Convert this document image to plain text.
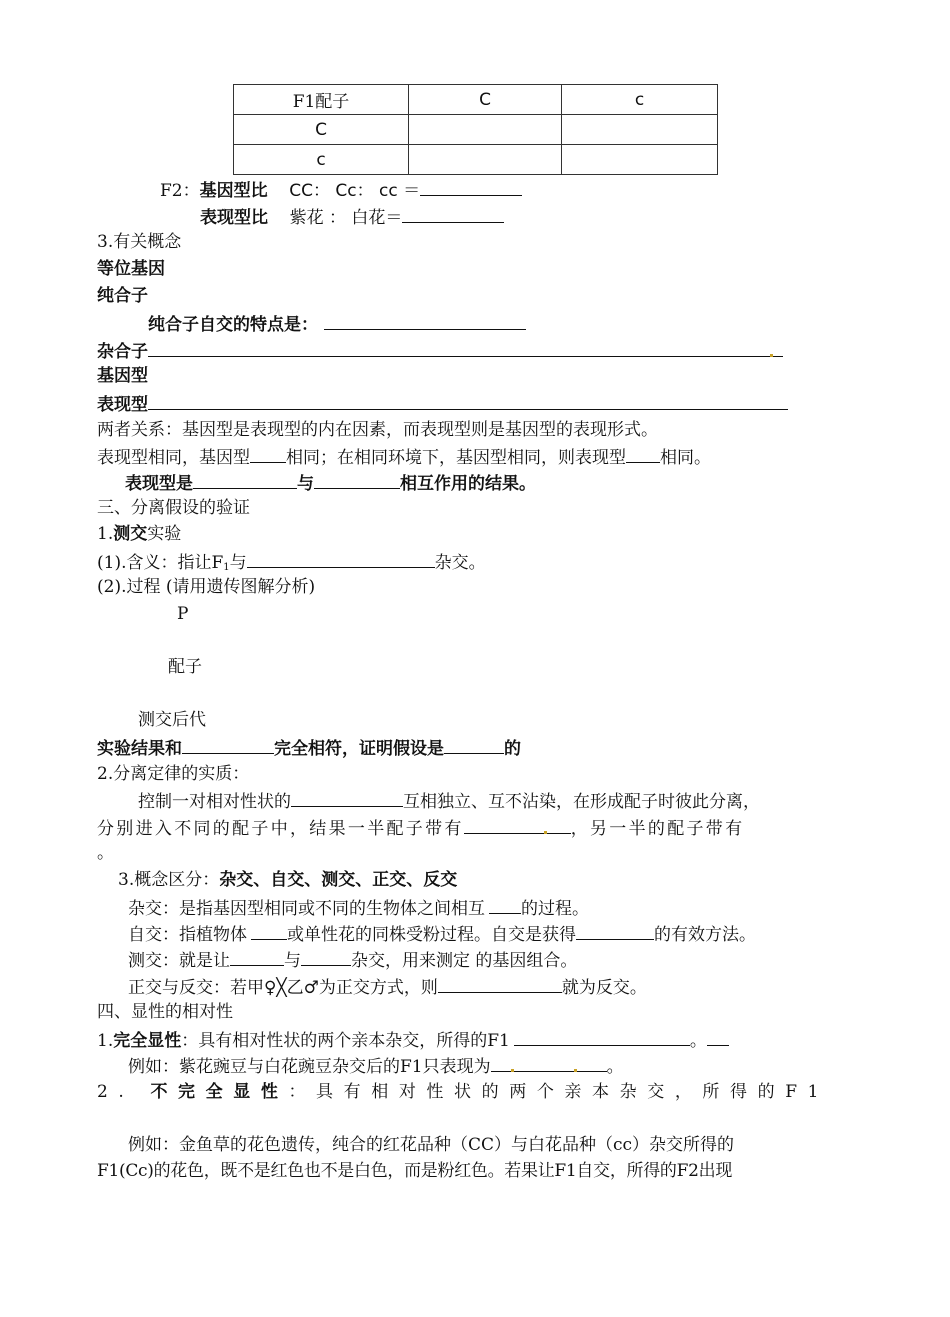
F1配子	C	c
C		
c		
F2：基因型比 CC： Cc： cc ＝
表现型比 紫花 ： 白花＝
3.有关概念
等位基因
纯合子
纯合子自交的特点是：
杂合子
基因型
表现型
两者关系：基因型是表现型的内在因素，而表现型则是基因型的表现形式。
表现型相同，基因型 相同；在相同环境下，基因型相同，则表现型 相同。
表现型是	与	相互作用的结果。
三、分离假设的验证
1.测交实验
(1).含义：指让$F_1$与	杂交。
(2).过程 (请用遗传图解分析)
P
配子
测交后代
实验结果和	完全相符，证明假设是	的
2.分离定律的实质：
控制一对相对性状的	互相独立、互不沾染，在形成配子时彼此分离，
分别进入不同的配子中，结果一半配子带有	，另一半的配子带有
。
3.概念区分：杂交、自交、测交、正交、反交
杂交：是指基因型相同或不同的生物体之间相互 的过程。
自交：指植物体 或单性花的同株受粉过程。自交是获得	的有效方法。
测交：就是让	与	杂交，用来测定 的基因组合。
正交与反交：若甲♀╳乙♂为正交方式，则	就为反交。
四、显性的相对性
1.完全显性：具有相对性状的两个亲本杂交，所得的F1	。
例如：紫花豌豆与白花豌豆杂交后的F1只表现为	。
2. 不完全显性：具有相对性状的两个亲本杂交，所得的F1
例如：金鱼草的花色遗传，纯合的红花品种（CC）与白花品种（cc）杂交所得的
F1(Cc)的花色，既不是红色也不是白色，而是粉红色。若果让F1自交，所得的F2出现
